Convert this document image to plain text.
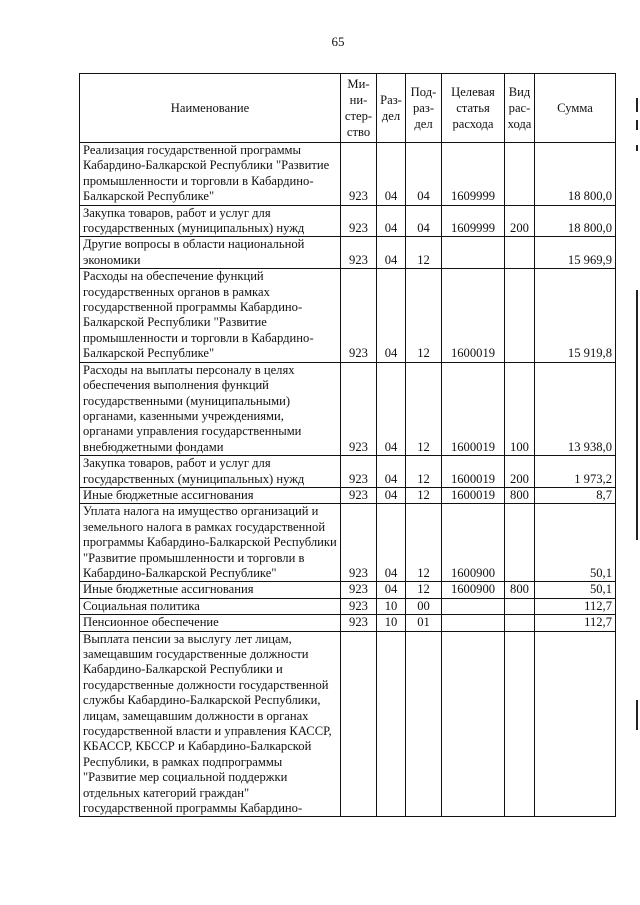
65
Наименование	Ми-ни-стер-ство	Раз-дел	Под-раз-дел	Целевая статья расхода	Вид рас-хода	Сумма
Реализация государственной программы Кабардино-Балкарской Республики "Развитие промышленности и торговли в Кабардино-Балкарской Республике"	923	04	04	1609999		18 800,0
Закупка товаров, работ и услуг для государственных (муниципальных) нужд	923	04	04	1609999	200	18 800,0
Другие вопросы в области национальной экономики	923	04	12			15 969,9
Расходы на обеспечение функций государственных органов в рамках государственной программы Кабардино-Балкарской Республики "Развитие промышленности и торговли в Кабардино-Балкарской Республике"	923	04	12	1600019		15 919,8
Расходы на выплаты персоналу в целях обеспечения выполнения функций государственными (муниципальными) органами, казенными учреждениями, органами управления государственными внебюджетными фондами	923	04	12	1600019	100	13 938,0
Закупка товаров, работ и услуг для государственных (муниципальных) нужд	923	04	12	1600019	200	1 973,2
Иные бюджетные ассигнования	923	04	12	1600019	800	8,7
Уплата налога на имущество организаций и земельного налога в рамках государственной программы Кабардино-Балкарской Республики "Развитие промышленности и торговли в Кабардино-Балкарской Республике"	923	04	12	1600900		50,1
Иные бюджетные ассигнования	923	04	12	1600900	800	50,1
Социальная политика	923	10	00			112,7
Пенсионное обеспечение	923	10	01			112,7
Выплата пенсии за выслугу лет лицам, замещавшим государственные должности Кабардино-Балкарской Республики и государственные должности государственной службы Кабардино-Балкарской Республики, лицам, замещавшим должности в органах государственной власти и управления КАССР, КБАССР, КБССР и Кабардино-Балкарской Республики, в рамках подпрограммы "Развитие мер социальной поддержки отдельных категорий граждан" государственной программы Кабардино-						
